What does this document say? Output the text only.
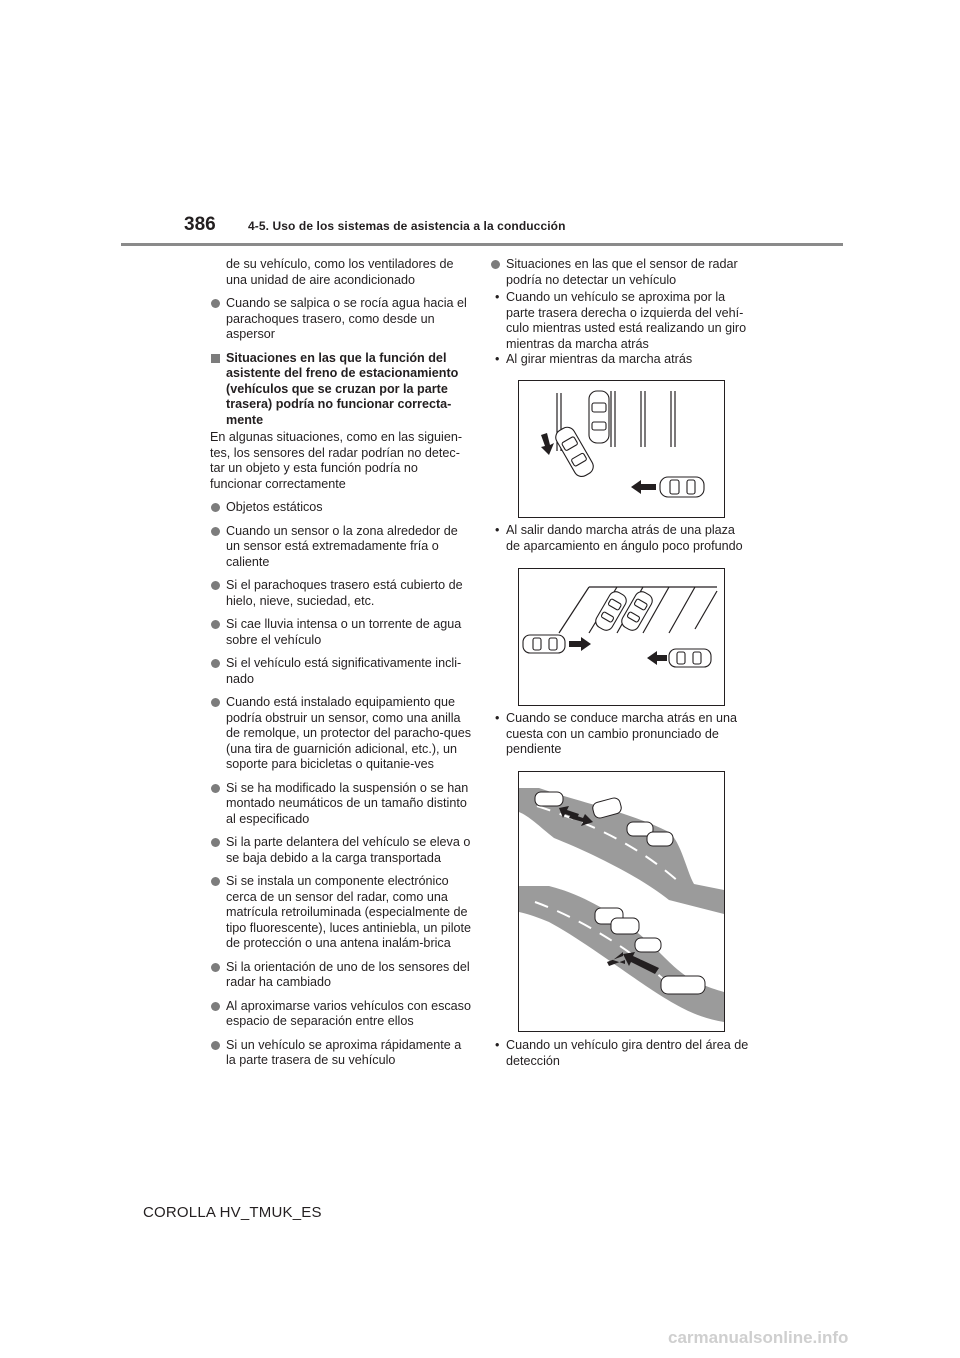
386	4-5. Uso de los sistemas de asistencia a la conducción

de su vehículo, como los ventiladores de una unidad de aire acondicionado

Cuando se salpica o se rocía agua hacia el parachoques trasero, como desde un aspersor
Situaciones en las que la función del asistente del freno de estacionamiento (vehículos que se cruzan por la parte trasera) podría no funcionar correcta-mente

En algunas situaciones, como en las siguien-tes, los sensores del radar podrían no detec-tar un objeto y esta función podría no funcionar correctamente

Objetos estáticos
Cuando un sensor o la zona alrededor de un sensor está extremadamente fría o caliente
Si el parachoques trasero está cubierto de hielo, nieve, suciedad, etc.
Si cae lluvia intensa o un torrente de agua sobre el vehículo
Si el vehículo está significativamente incli-nado
Cuando está instalado equipamiento que podría obstruir un sensor, como una anilla de remolque, un protector del paracho-ques (una tira de guarnición adicional, etc.), un soporte para bicicletas o quitanie-ves
Si se ha modificado la suspensión o se han montado neumáticos de un tamaño distinto al especificado
Si la parte delantera del vehículo se eleva o se baja debido a la carga transportada
Si se instala un componente electrónico cerca de un sensor del radar, como una matrícula retroiluminada (especialmente de tipo fluorescente), luces antiniebla, un pilote de protección o una antena inalám-brica
Si la orientación de uno de los sensores del radar ha cambiado
Al aproximarse varios vehículos con escaso espacio de separación entre ellos
Si un vehículo se aproxima rápidamente a la parte trasera de su vehículo
Situaciones en las que el sensor de radar podría no detectar un vehículo
• Cuando un vehículo se aproxima por la parte trasera derecha o izquierda del vehí-culo mientras usted está realizando un giro mientras da marcha atrás
• Al girar mientras da marcha atrás
• Al salir dando marcha atrás de una plaza de aparcamiento en ángulo poco profundo
• Cuando se conduce marcha atrás en una cuesta con un cambio pronunciado de pendiente
• Cuando un vehículo gira dentro del área de detección
COROLLA HV_TMUK_ES
carmanualsonline.info
